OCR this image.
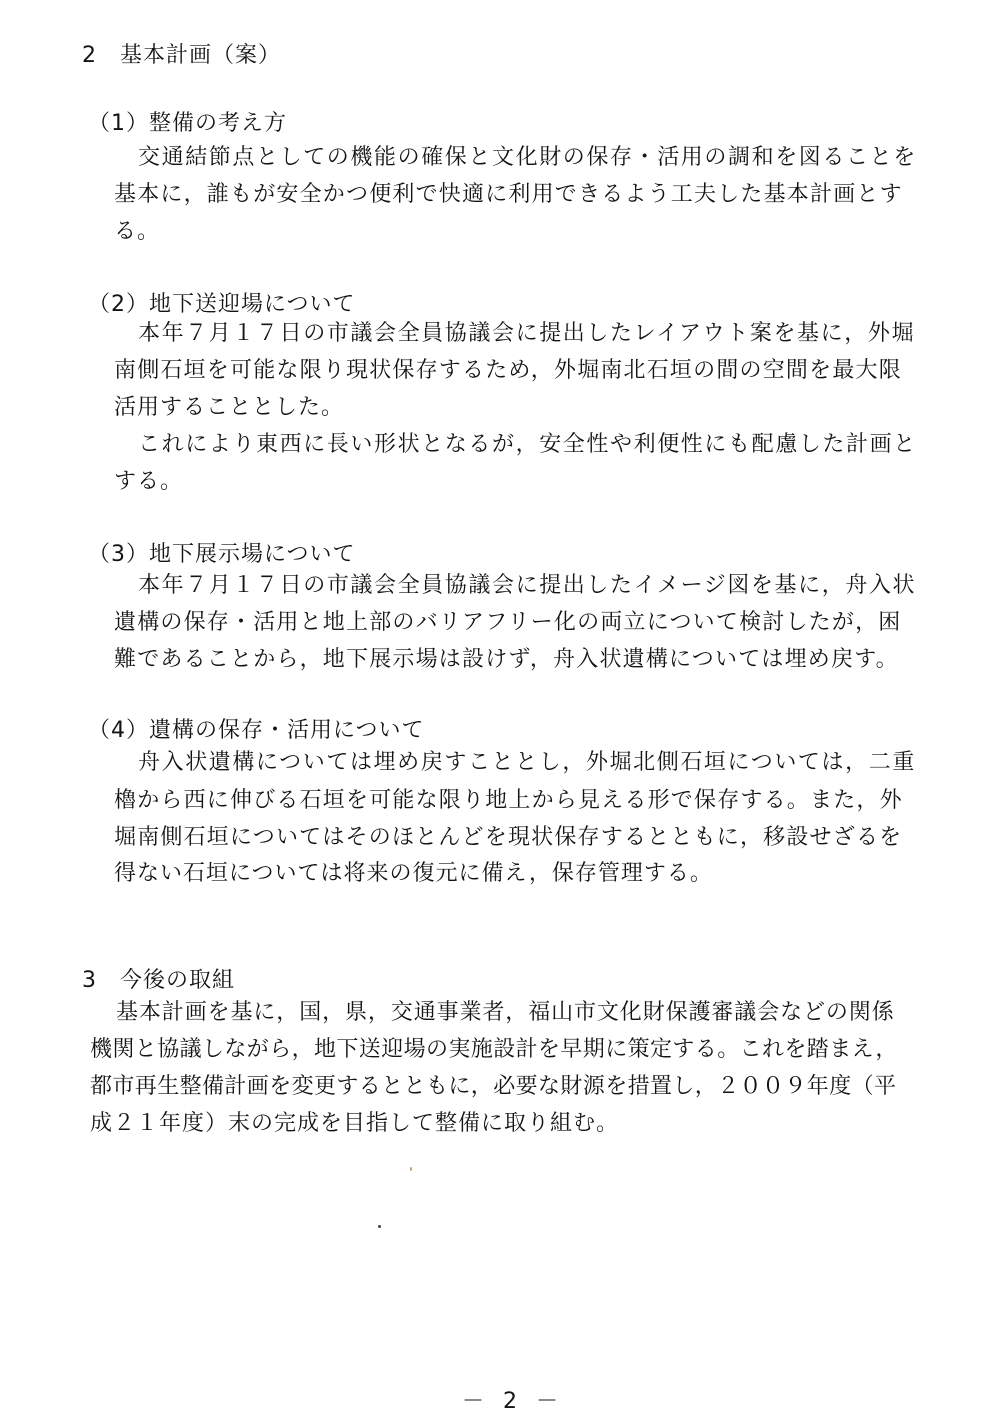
2　基本計画（案）
（1）整備の考え方
交通結節点としての機能の確保と文化財の保存・活用の調和を図ることを
基本に，誰もが安全かつ便利で快適に利用できるよう工夫した基本計画とす
る。
（2）地下送迎場について
本年７月１７日の市議会全員協議会に提出したレイアウト案を基に，外堀
南側石垣を可能な限り現状保存するため，外堀南北石垣の間の空間を最大限
活用することとした。
これにより東西に長い形状となるが，安全性や利便性にも配慮した計画と
する。
（3）地下展示場について
本年７月１７日の市議会全員協議会に提出したイメージ図を基に，舟入状
遺構の保存・活用と地上部のバリアフリー化の両立について検討したが，困
難であることから，地下展示場は設けず，舟入状遺構については埋め戻す。
（4）遺構の保存・活用について
舟入状遺構については埋め戻すこととし，外堀北側石垣については，二重
櫓から西に伸びる石垣を可能な限り地上から見える形で保存する。また，外
堀南側石垣についてはそのほとんどを現状保存するとともに，移設せざるを
得ない石垣については将来の復元に備え，保存管理する。
3　今後の取組
基本計画を基に，国，県，交通事業者，福山市文化財保護審議会などの関係
機関と協議しながら，地下送迎場の実施設計を早期に策定する。これを踏まえ，
都市再生整備計画を変更するとともに，必要な財源を措置し，２００９年度（平
成２１年度）末の完成を目指して整備に取り組む。
－ 2 －
